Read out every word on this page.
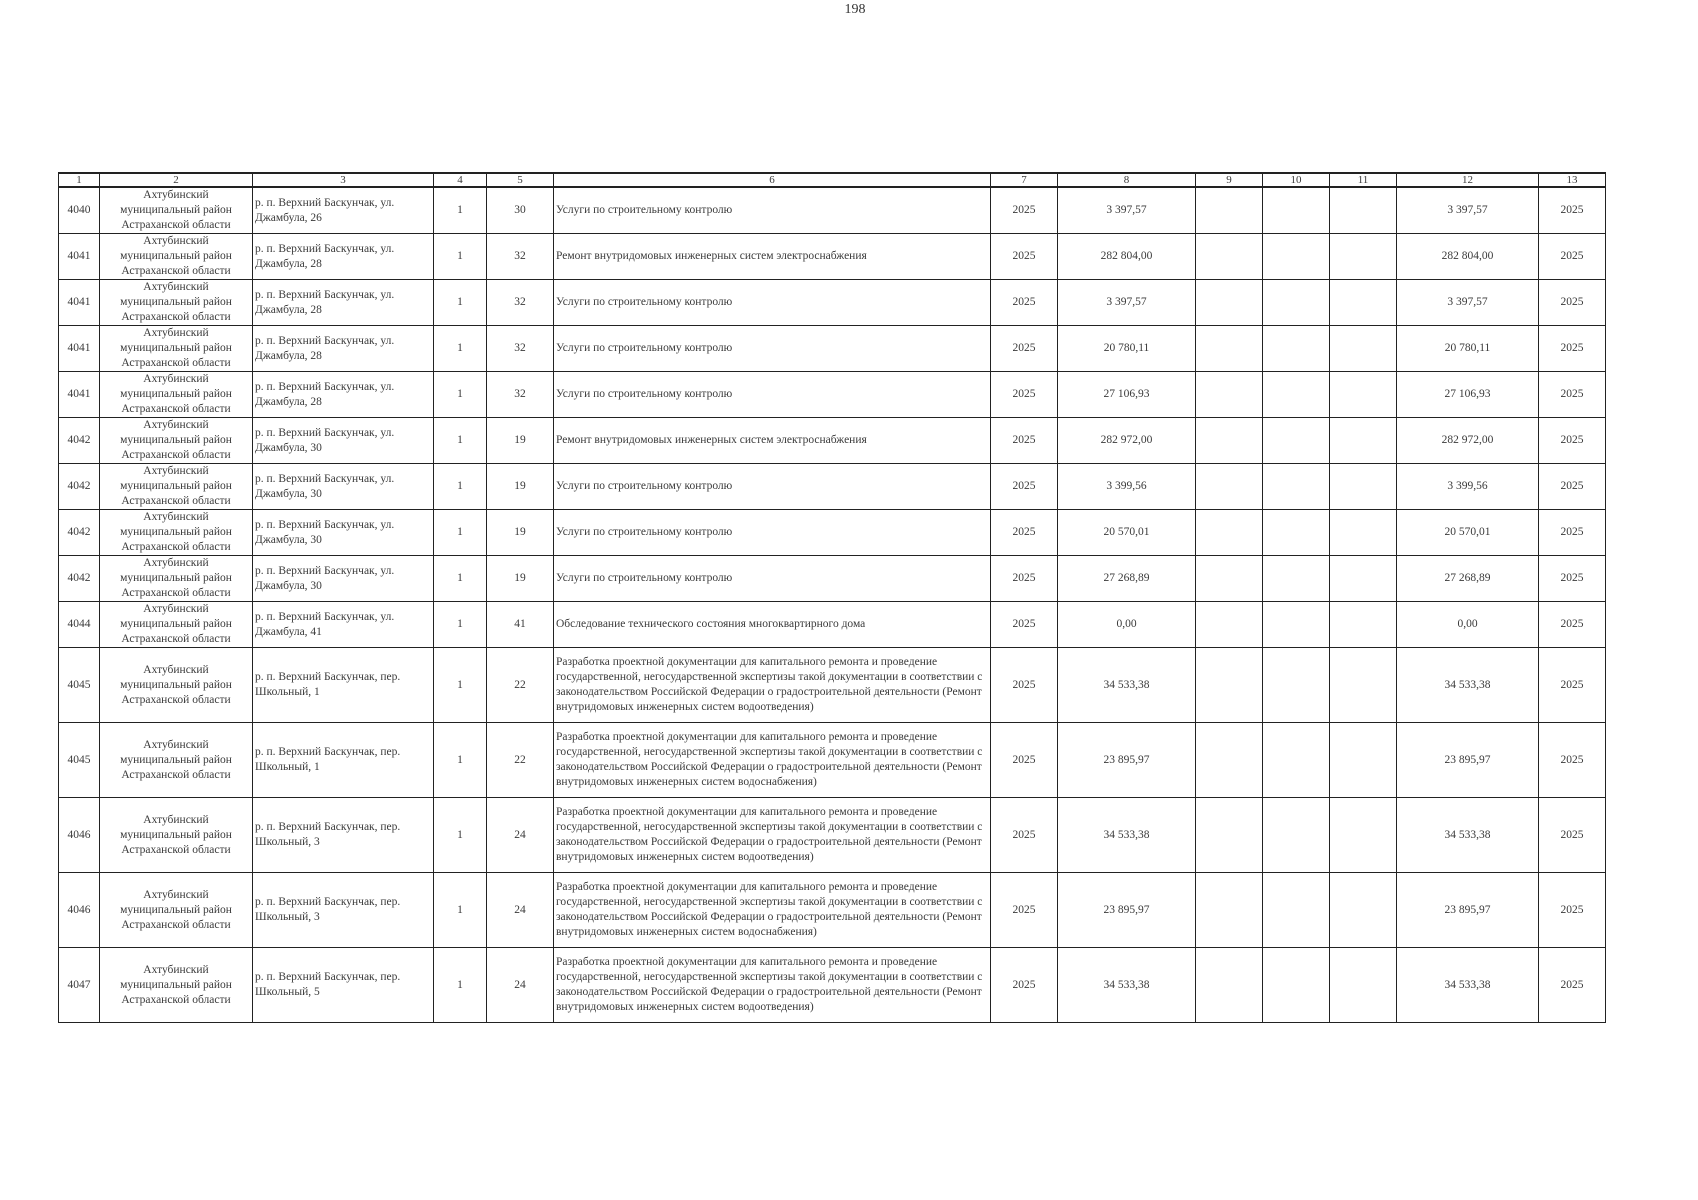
198
1	2	3	4	5	6	7	8	9	10	11	12	13
4040	Ахтубинский муниципальный район Астраханской области	р. п. Верхний Баскунчак, ул. Джамбула, 26	1	30	Услуги по строительному контролю	2025	3 397,57				3 397,57	2025
4041	Ахтубинский муниципальный район Астраханской области	р. п. Верхний Баскунчак, ул. Джамбула, 28	1	32	Ремонт внутридомовых инженерных систем электроснабжения	2025	282 804,00				282 804,00	2025
4041	Ахтубинский муниципальный район Астраханской области	р. п. Верхний Баскунчак, ул. Джамбула, 28	1	32	Услуги по строительному контролю	2025	3 397,57				3 397,57	2025
4041	Ахтубинский муниципальный район Астраханской области	р. п. Верхний Баскунчак, ул. Джамбула, 28	1	32	Услуги по строительному контролю	2025	20 780,11				20 780,11	2025
4041	Ахтубинский муниципальный район Астраханской области	р. п. Верхний Баскунчак, ул. Джамбула, 28	1	32	Услуги по строительному контролю	2025	27 106,93				27 106,93	2025
4042	Ахтубинский муниципальный район Астраханской области	р. п. Верхний Баскунчак, ул. Джамбула, 30	1	19	Ремонт внутридомовых инженерных систем электроснабжения	2025	282 972,00				282 972,00	2025
4042	Ахтубинский муниципальный район Астраханской области	р. п. Верхний Баскунчак, ул. Джамбула, 30	1	19	Услуги по строительному контролю	2025	3 399,56				3 399,56	2025
4042	Ахтубинский муниципальный район Астраханской области	р. п. Верхний Баскунчак, ул. Джамбула, 30	1	19	Услуги по строительному контролю	2025	20 570,01				20 570,01	2025
4042	Ахтубинский муниципальный район Астраханской области	р. п. Верхний Баскунчак, ул. Джамбула, 30	1	19	Услуги по строительному контролю	2025	27 268,89				27 268,89	2025
4044	Ахтубинский муниципальный район Астраханской области	р. п. Верхний Баскунчак, ул. Джамбула, 41	1	41	Обследование технического состояния многоквартирного дома	2025	0,00				0,00	2025
4045	Ахтубинский муниципальный район Астраханской области	р. п. Верхний Баскунчак, пер. Школьный, 1	1	22	Разработка проектной документации для капитального ремонта и проведение государственной, негосударственной экспертизы такой документации в соответствии с законодательством Российской Федерации о градостроительной деятельности (Ремонт внутридомовых инженерных систем водоотведения)	2025	34 533,38				34 533,38	2025
4045	Ахтубинский муниципальный район Астраханской области	р. п. Верхний Баскунчак, пер. Школьный, 1	1	22	Разработка проектной документации для капитального ремонта и проведение государственной, негосударственной экспертизы такой документации в соответствии с законодательством Российской Федерации о градостроительной деятельности (Ремонт внутридомовых инженерных систем водоснабжения)	2025	23 895,97				23 895,97	2025
4046	Ахтубинский муниципальный район Астраханской области	р. п. Верхний Баскунчак, пер. Школьный, 3	1	24	Разработка проектной документации для капитального ремонта и проведение государственной, негосударственной экспертизы такой документации в соответствии с законодательством Российской Федерации о градостроительной деятельности (Ремонт внутридомовых инженерных систем водоотведения)	2025	34 533,38				34 533,38	2025
4046	Ахтубинский муниципальный район Астраханской области	р. п. Верхний Баскунчак, пер. Школьный, 3	1	24	Разработка проектной документации для капитального ремонта и проведение государственной, негосударственной экспертизы такой документации в соответствии с законодательством Российской Федерации о градостроительной деятельности (Ремонт внутридомовых инженерных систем водоснабжения)	2025	23 895,97				23 895,97	2025
4047	Ахтубинский муниципальный район Астраханской области	р. п. Верхний Баскунчак, пер. Школьный, 5	1	24	Разработка проектной документации для капитального ремонта и проведение государственной, негосударственной экспертизы такой документации в соответствии с законодательством Российской Федерации о градостроительной деятельности (Ремонт внутридомовых инженерных систем водоотведения)	2025	34 533,38				34 533,38	2025
